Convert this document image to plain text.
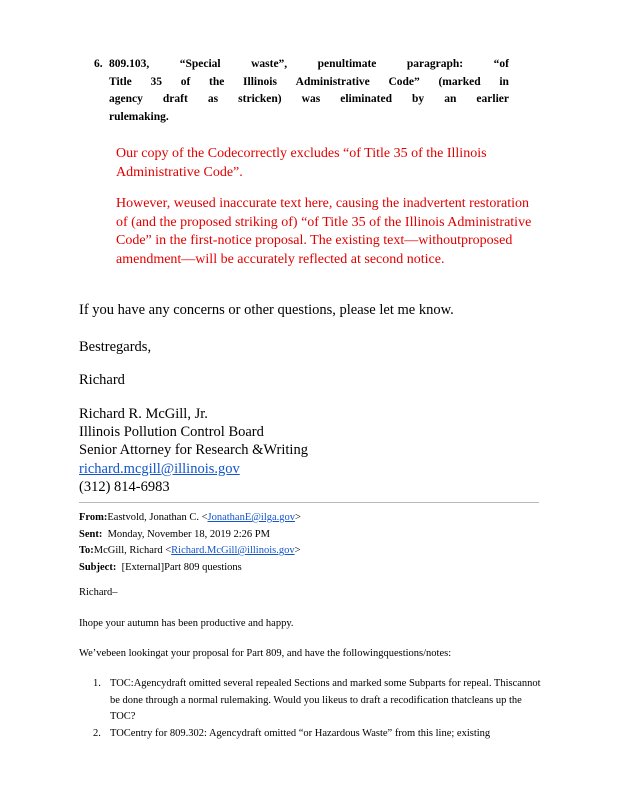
6. 809.103,	“Special	waste”,	penultimate	paragraph:	“of
Title 35 of the Illinois Administrative Code” (marked in
agency draft as stricken) was eliminated by an earlier
rulemaking.
Our copy of the Codecorrectly excludes “of Title 35 of the Illinois Administrative Code”.
However, weused inaccurate text here, causing the inadvertent restoration of (and the proposed striking of) “of Title 35 of the Illinois Administrative Code” in the first-notice proposal. The existing text—withoutproposed amendment—will be accurately reflected at second notice.
If you have any concerns or other questions, please let me know.
Bestregards,
Richard
Richard R. McGill, Jr.
Illinois Pollution Control Board
Senior Attorney for Research &Writing
richard.mcgill@illinois.gov
(312) 814-6983
From:Eastvold, Jonathan C. <JonathanE@ilga.gov>
Sent: Monday, November 18, 2019 2:26 PM
To:McGill, Richard <Richard.McGill@illinois.gov>
Subject: [External]Part 809 questions
Richard–
Ihope your autumn has been productive and happy.
We’vebeen lookingat your proposal for Part 809, and have the followingquestions/notes:
1. TOC:Agencydraft omitted several repealed Sections and marked some Subparts for repeal. Thiscannot be done through a normal rulemaking. Would you likeus to draft a recodification thatcleans up the TOC?
2. TOCentry for 809.302: Agencydraft omitted “or Hazardous Waste” from this line; existing
